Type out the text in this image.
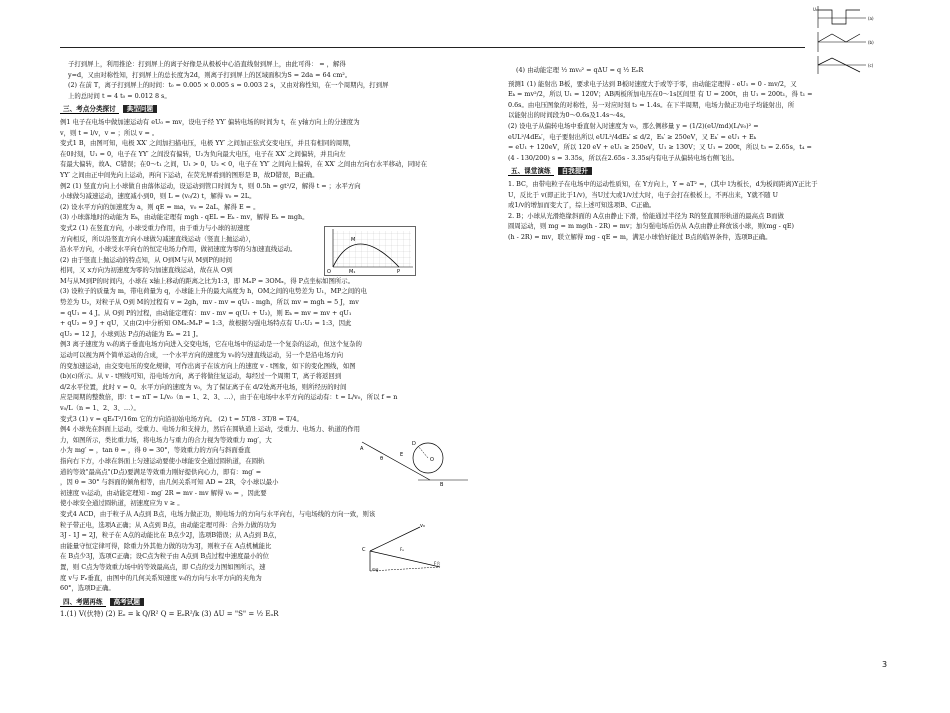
U₀
(a)
(b)
(c)

子打到屏上，利用推论：打到屏上的离子好像是从极板中心沿直线射到屏上，由此可得： = ，解得

y=d，又由对称性知，打到屏上的总长度为2d，则离子打到屏上的区域面积为S = 2da = 64 cm²。

(2) 在前 T，离子打到屏上的时间：t₀ = 0.005 × 0.005 s = 0.003 2 s，又由对称性知，在一个周期内，打到屏

上的总时间 t = 4 t₀ = 0.012 8 s。

三、考点分类探讨 典型问题

例1 电子在电场中做加速运动有 eU₀ = mv，设电子经 YY′ 偏转电场的时间为 t，在 y轴方向上的分速度为

v，则 t = l/v，v = ；所以 v = 。

变式1 B，由图可知，电极 XX′ 之间加扫描电压，电极 YY′ 之间加正弦式交变电压，并且有相同的周期，

在0时刻，U₁ = 0，电子在 YY′ 之间没有偏转，U₂为负向最大电压，电子在 XX′ 之间偏转，并且向左

有最大偏转，故A、C错误；在0～t₁ 之间，U₁ > 0，U₂ < 0，电子在 YY′ 之间向上偏转，在 XX′ 之间由左向右水平移动，同时在

YY′ 之间由正中间先向上运动，再向下运动，在荧光屏看到的图形是 B，故D错误，B正确。

例2 (1) 竖直方向上小球做自由落体运动，设运动到管口时间为 t，则 0.5h = gt²/2，解得 t = ；水平方向

小球做匀减速运动，速度减小到0，则 L = (v₀/2) t，解得 v₀ = 2L。

(2) 设水平方向的加速度为 a，则 qE = ma，v₀ = 2aL，解得 E = 。

(3) 小球落地时的动能为 Eₖ，由动能定理有 mgh - qEL = Eₖ - mv，解得 Eₖ = mgh。

O	M₁	P
M

变式2 (1) 在竖直方向，小球受重力作用，由于重力与小球的初速度

方向相反，所以沿竖直方向小球做匀减速直线运动（竖直上抛运动），

沿水平方向，小球受水平向右的恒定电场力作用，做初速度为零的匀加速直线运动。

(2) 由于竖直上抛运动的特点知，从 O到M与从 M到P的时间

相同，又 x方向为初速度为零的匀加速直线运动，故在从 O到

M与从M到P的时间内，小球在 x轴上移动的距离之比为1:3，即 MₓP = 3OMₓ，得 P点坐标如图所示。

(3) 设粒子的质量为 m，带电荷量为 q，小球能上升的最大高度为 h，OM之间的电势差为 U₁，MP之间的电

势差为 U₂，对粒子从 O到 M的过程有 v = 2gh，mv - mv = qU₁ - mgh，所以 mv = mgh = 5 J，mv

= qU₁ = 4 J。从 O到 P的过程，由动能定理有：mv - mv = q(U₁ + U₂)，则 Eₖ = mv = mv + qU₁

+ qU₂ = 9 J + qU，又由(2)中分析知 OMₓ:MₓP = 1:3，故根据匀强电场特点有 U₁:U₂ = 1:3，因此

qU₂ = 12 J，小球到达 P点的动能为 Eₖ = 21 J。

例3 离子速度为 v₀的离子垂直电场方向进入交变电场，它在电场中的运动是一个复杂的运动，但这个复杂的

运动可以视为两个简单运动的合成，一个水平方向的速度为 v₀的匀速直线运动，另一个是沿电场方向

的变加速运动，由交变电压的变化规律，可作出离子在该方向上的速度 v - t图象，如下的变化图线，如图

(b)(c)所示。从 v - t图线可知，沿电场方向，离子将做往复运动，每经过一个周期 T，离子将返回到

d/2水平位置，此时 v = 0。水平方向的速度为 v₀，为了保证离子在 d/2处离开电场，则所经历的时间

应是周期的整数倍，即：t = nT = L/v₀（n = 1、2、3、…），由于在电场中水平方向的运动有：t = L/v₀，所以 f = n

v₀/L（n = 1、2、3、…）。

变式3 (1) v = qE₀T²/16m 它的方向沿初始电场方向。 (2) t = 5T/8 - 3T/8 = T/4。

例4 小球先在斜面上运动，受重力、电场力和支持力，然后在圆轨道上运动，受重力、电场力、轨道的作用

A
B
D
E
θ	O

力，如图所示，类比重力场，将电场力与重力的合力视为等效重力 mg′，大

小为 mg′ = ，tan θ = ，得 θ = 30°，等效重力的方向与斜面垂直

指向右下方，小球在斜面上匀速运动要使小球能安全通过圆轨道，在圆轨

道的等效"最高点"(D点)要满足等效重力刚好提供向心力，即有：mg′ =

，因 θ = 30° 与斜面的倾角相等，由几何关系可知 AD = 2R，令小球以最小

初速度 v₀运动，由动能定理知 - mg′ 2R = mv - mv 解得 v₀ = ，因此要

使小球安全通过圆轨道，初速度应为 v ≥ 。

变式4 ACD，由于粒子从 A点到 B点，电场力做正功，则电场力的方向与水平向右，与电场线的方向一致，则该

C
v₀
F合
mg
Fₑ

粒子带正电，选项A正确；从 A点到 B点，由动能定理可得：合外力做的功为

3J - 1J = 2J，粒子在 A点的动能比在 B点少2J，选项B错误；从 A点到 B点，

由能量守恒定律可得，除重力外其他力做的功为3J，则粒子在 A点机械能比

在 B点少3J，选项C正确；设C点为粒子由 A点到 B点过程中速度最小的位

置，则 C点为等效重力场中的等效最高点，即 C点的受力图如图所示，速

度 v与 Fₑ垂直，由图中的几何关系知速度 v₀的方向与水平方向的夹角为

60°，选项D正确。

四、考题再练 高考试题

1.(1) V(伏特) (2) Eₒ = k Q/R² Q = EₒR²/k (3) ΔU = "S" = ½ EₒR

(4) 由动能定理 ½ mv₀² = qΔU = q ½ EₒR

预测1 (1) 能射出 B板，要求电子达到 B板时速度大于或等于零，由动能定理得 - eU₁ = 0 - mv/2，又

Eₖ = mv²/2，所以 U₁ = 120V；AB两板所加电压在0～1s区间里 有 U = 200t，由 U₁ = 200t₁，得 t₁ =

0.6s。由电压图象的对称性，另一对应时刻 t₂ = 1.4s。在下半周期，电场力做正功电子均能射出，所

以能射出的时间段为0～0.6s及1.4s～4s。

(2) 设电子从偏转电场中垂直射入时速度为 v₀，那么侧移量 y = (1/2)(eU/md)(L/v₀)² =

eUL²/4dEₖ′，电子要射出所以 eUL²/4dEₖ′ ≤ d/2，Eₖ′ ≥ 250eV，又 Eₖ′ = eU₁ + Eₖ

= eU₁ + 120eV，所以 120 eV + eU₁ ≥ 250eV，U₁ ≥ 130V；又 U₁ = 200t，所以 t₃ = 2.65s，t₄ =

(4 - 130/200) s = 3.35s，所以在2.65s - 3.35s内有电子从偏转电场右侧飞出。

五、课堂演练 自我提升

1. BC，由带电粒子在电场中的运动性质知，在 Y方向上，Y = aT² =，(其中 l为板长，d为板间距离)Y正比于

U，反比于 v(即正比于1/v)，当U过大或1/v过大时，电子会打在极板上，不再出来，Y就不随 U

或1/v的增加而变大了，综上述可知选项B、C正确。

2. B；小球从光滑绝缘斜面的 A点由静止下滑，恰能通过半径为 R的竖直圆形轨道的最高点 B而做

圆周运动，则 mg = m mg(h - 2R) = mv；加匀强电场后仍从 A点由静止释放该小球，则(mg - qE)

(h - 2R) = mv，联立解得 mg - qE = m，满足小球恰好能过 B点的临界条件，选项B正确。

3
